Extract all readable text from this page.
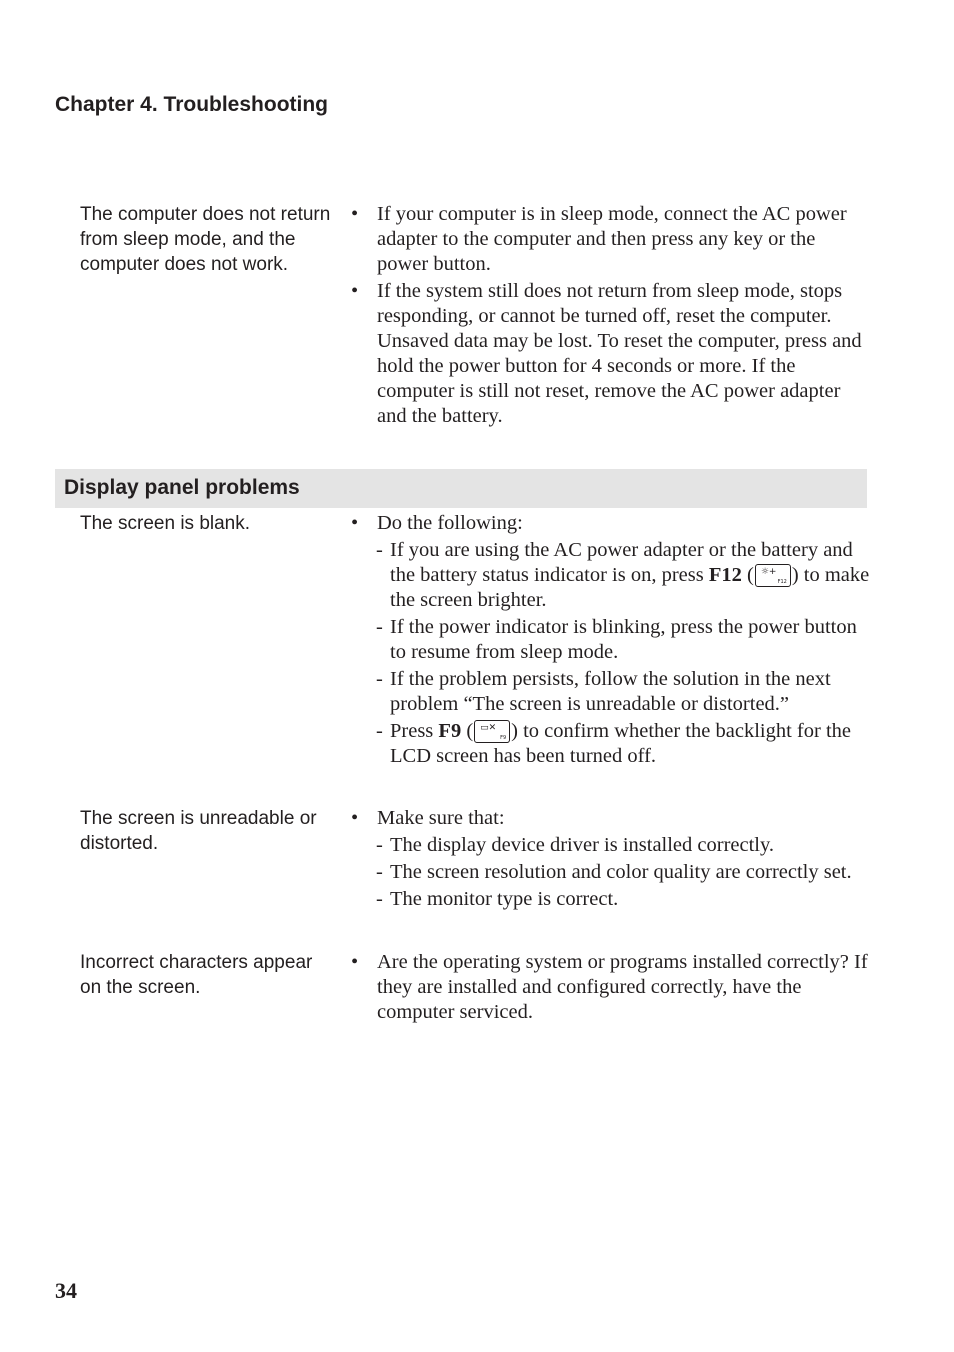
Chapter 4. Troubleshooting
The computer does not return from sleep mode, and the computer does not work.
• If your computer is in sleep mode, connect the AC power adapter to the computer and then press any key or the power button.
• If the system still does not return from sleep mode, stops responding, or cannot be turned off, reset the computer. Unsaved data may be lost. To reset the computer, press and hold the power button for 4 seconds or more. If the computer is still not reset, remove the AC power adapter and the battery.
Display panel problems
The screen is blank.	• Do the following:
- If you are using the AC power adapter or the battery and the battery status indicator is on, press F12 ( ☼+
F12 ) to make the screen brighter.
- If the power indicator is blinking, press the power button to resume from sleep mode.
- If the problem persists, follow the solution in the next problem “The screen is unreadable or distorted.”
- Press F9 ( ▭✕
F9 ) to confirm whether the backlight for the LCD screen has been turned off.
The screen is unreadable or distorted.
• Make sure that:
- The display device driver is installed correctly.
- The screen resolution and color quality are correctly set.
- The monitor type is correct.
Incorrect characters appear on the screen.
• Are the operating system or programs installed correctly? If they are installed and configured correctly, have the computer serviced.
34
